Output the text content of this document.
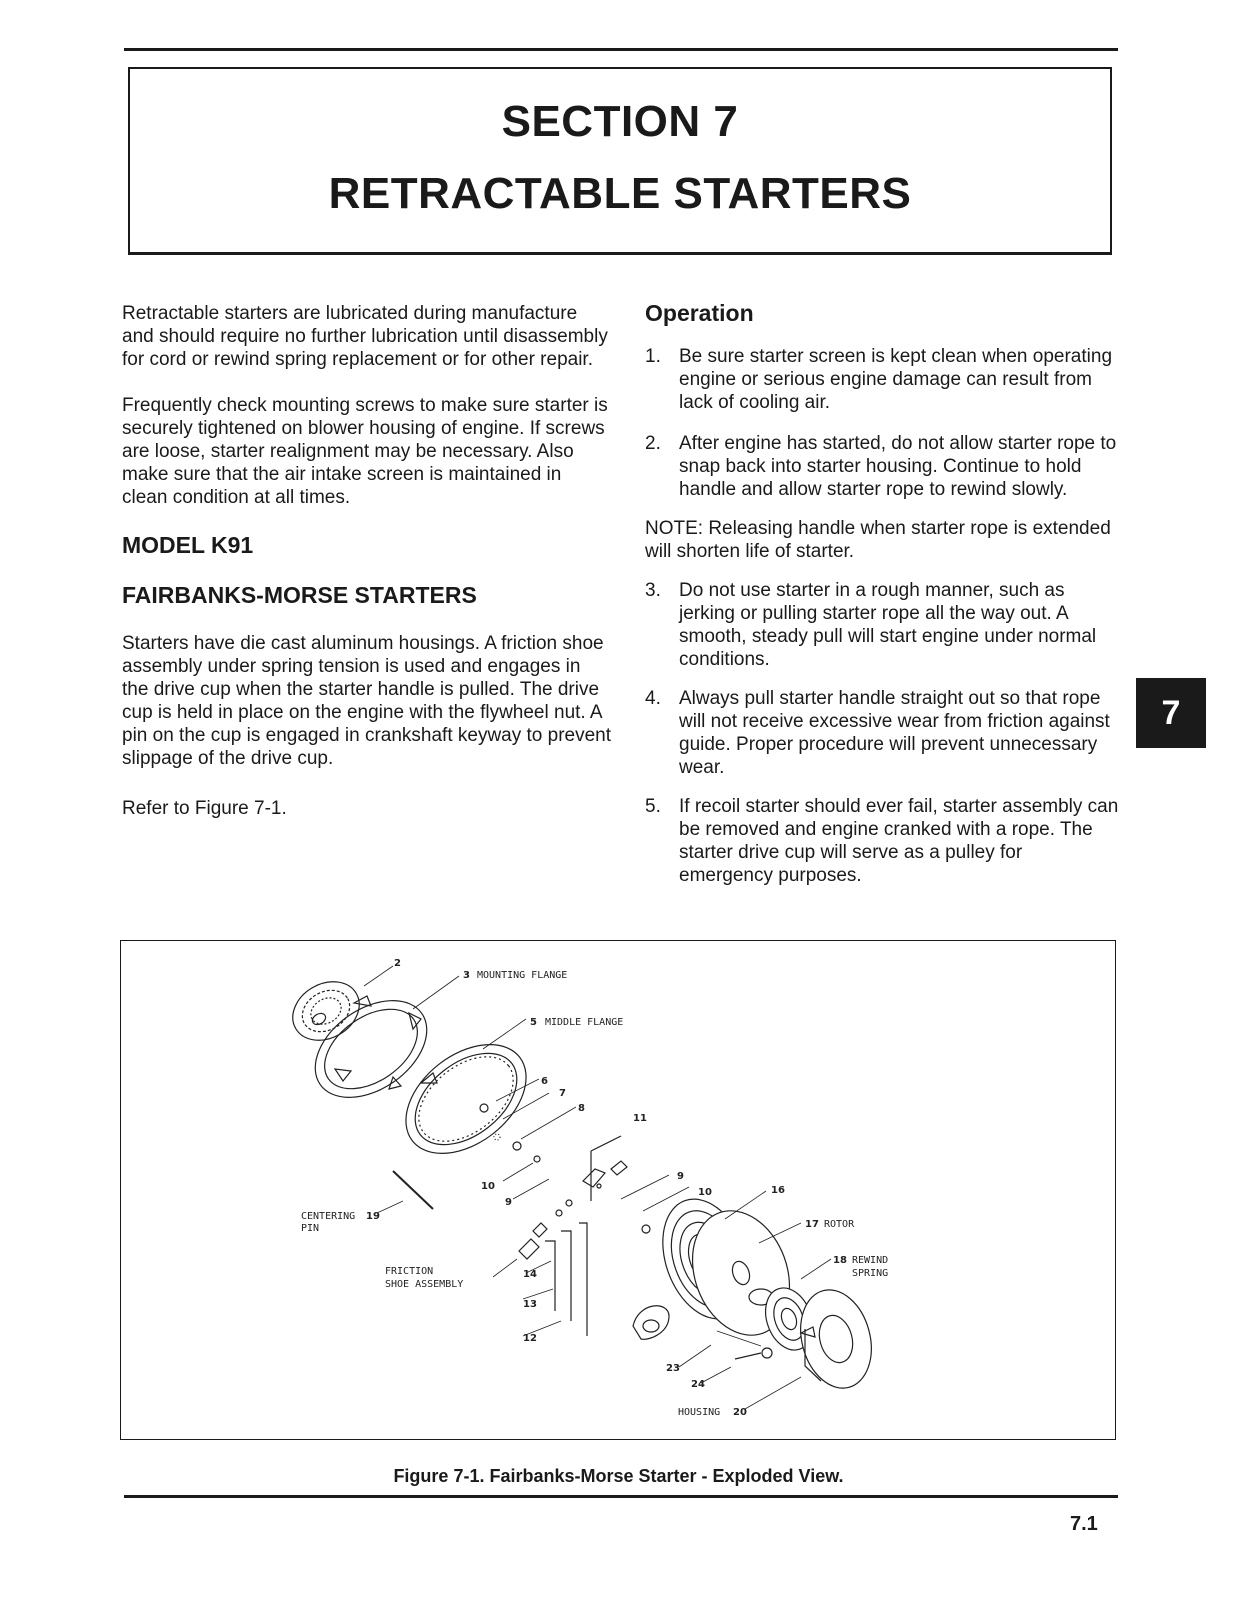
SECTION 7
RETRACTABLE STARTERS

Retractable starters are lubricated during manufacture and should require no further lubrication until disassembly for cord or rewind spring replacement or for other repair.

Frequently check mounting screws to make sure starter is securely tightened on blower housing of engine. If screws are loose, starter realignment may be necessary. Also make sure that the air intake screen is maintained in clean condition at all times.

MODEL K91
FAIRBANKS-MORSE STARTERS

Starters have die cast aluminum housings. A friction shoe assembly under spring tension is used and engages in the drive cup when the starter handle is pulled. The drive cup is held in place on the engine with the flywheel nut. A pin on the cup is engaged in crankshaft keyway to prevent slippage of the drive cup.

Refer to Figure 7-1.

Operation
1. Be sure starter screen is kept clean when operating engine or serious engine damage can result from lack of cooling air.
2. After engine has started, do not allow starter rope to snap back into starter housing. Continue to hold handle and allow starter rope to rewind slowly.

NOTE: Releasing handle when starter rope is extended will shorten life of starter.

3. Do not use starter in a rough manner, such as jerking or pulling starter rope all the way out. A smooth, steady pull will start engine under normal conditions.
4. Always pull starter handle straight out so that rope will not receive excessive wear from friction against guide. Proper procedure will prevent unnecessary wear.
5. If recoil starter should ever fail, starter assembly can be removed and engine cranked with a rope. The starter drive cup will serve as a pulley for emergency purposes.
7
2
3 MOUNTING FLANGE
5 MIDDLE FLANGE
6
7
8
11
10
9
9
10	16
17 ROTOR
18 REWIND
SPRING
CENTERING 19
PIN
FRICTION
SHOE ASSEMBLY
14
13
12
23
24
HOUSING 20
Figure 7-1. Fairbanks-Morse Starter - Exploded View.
7.1
